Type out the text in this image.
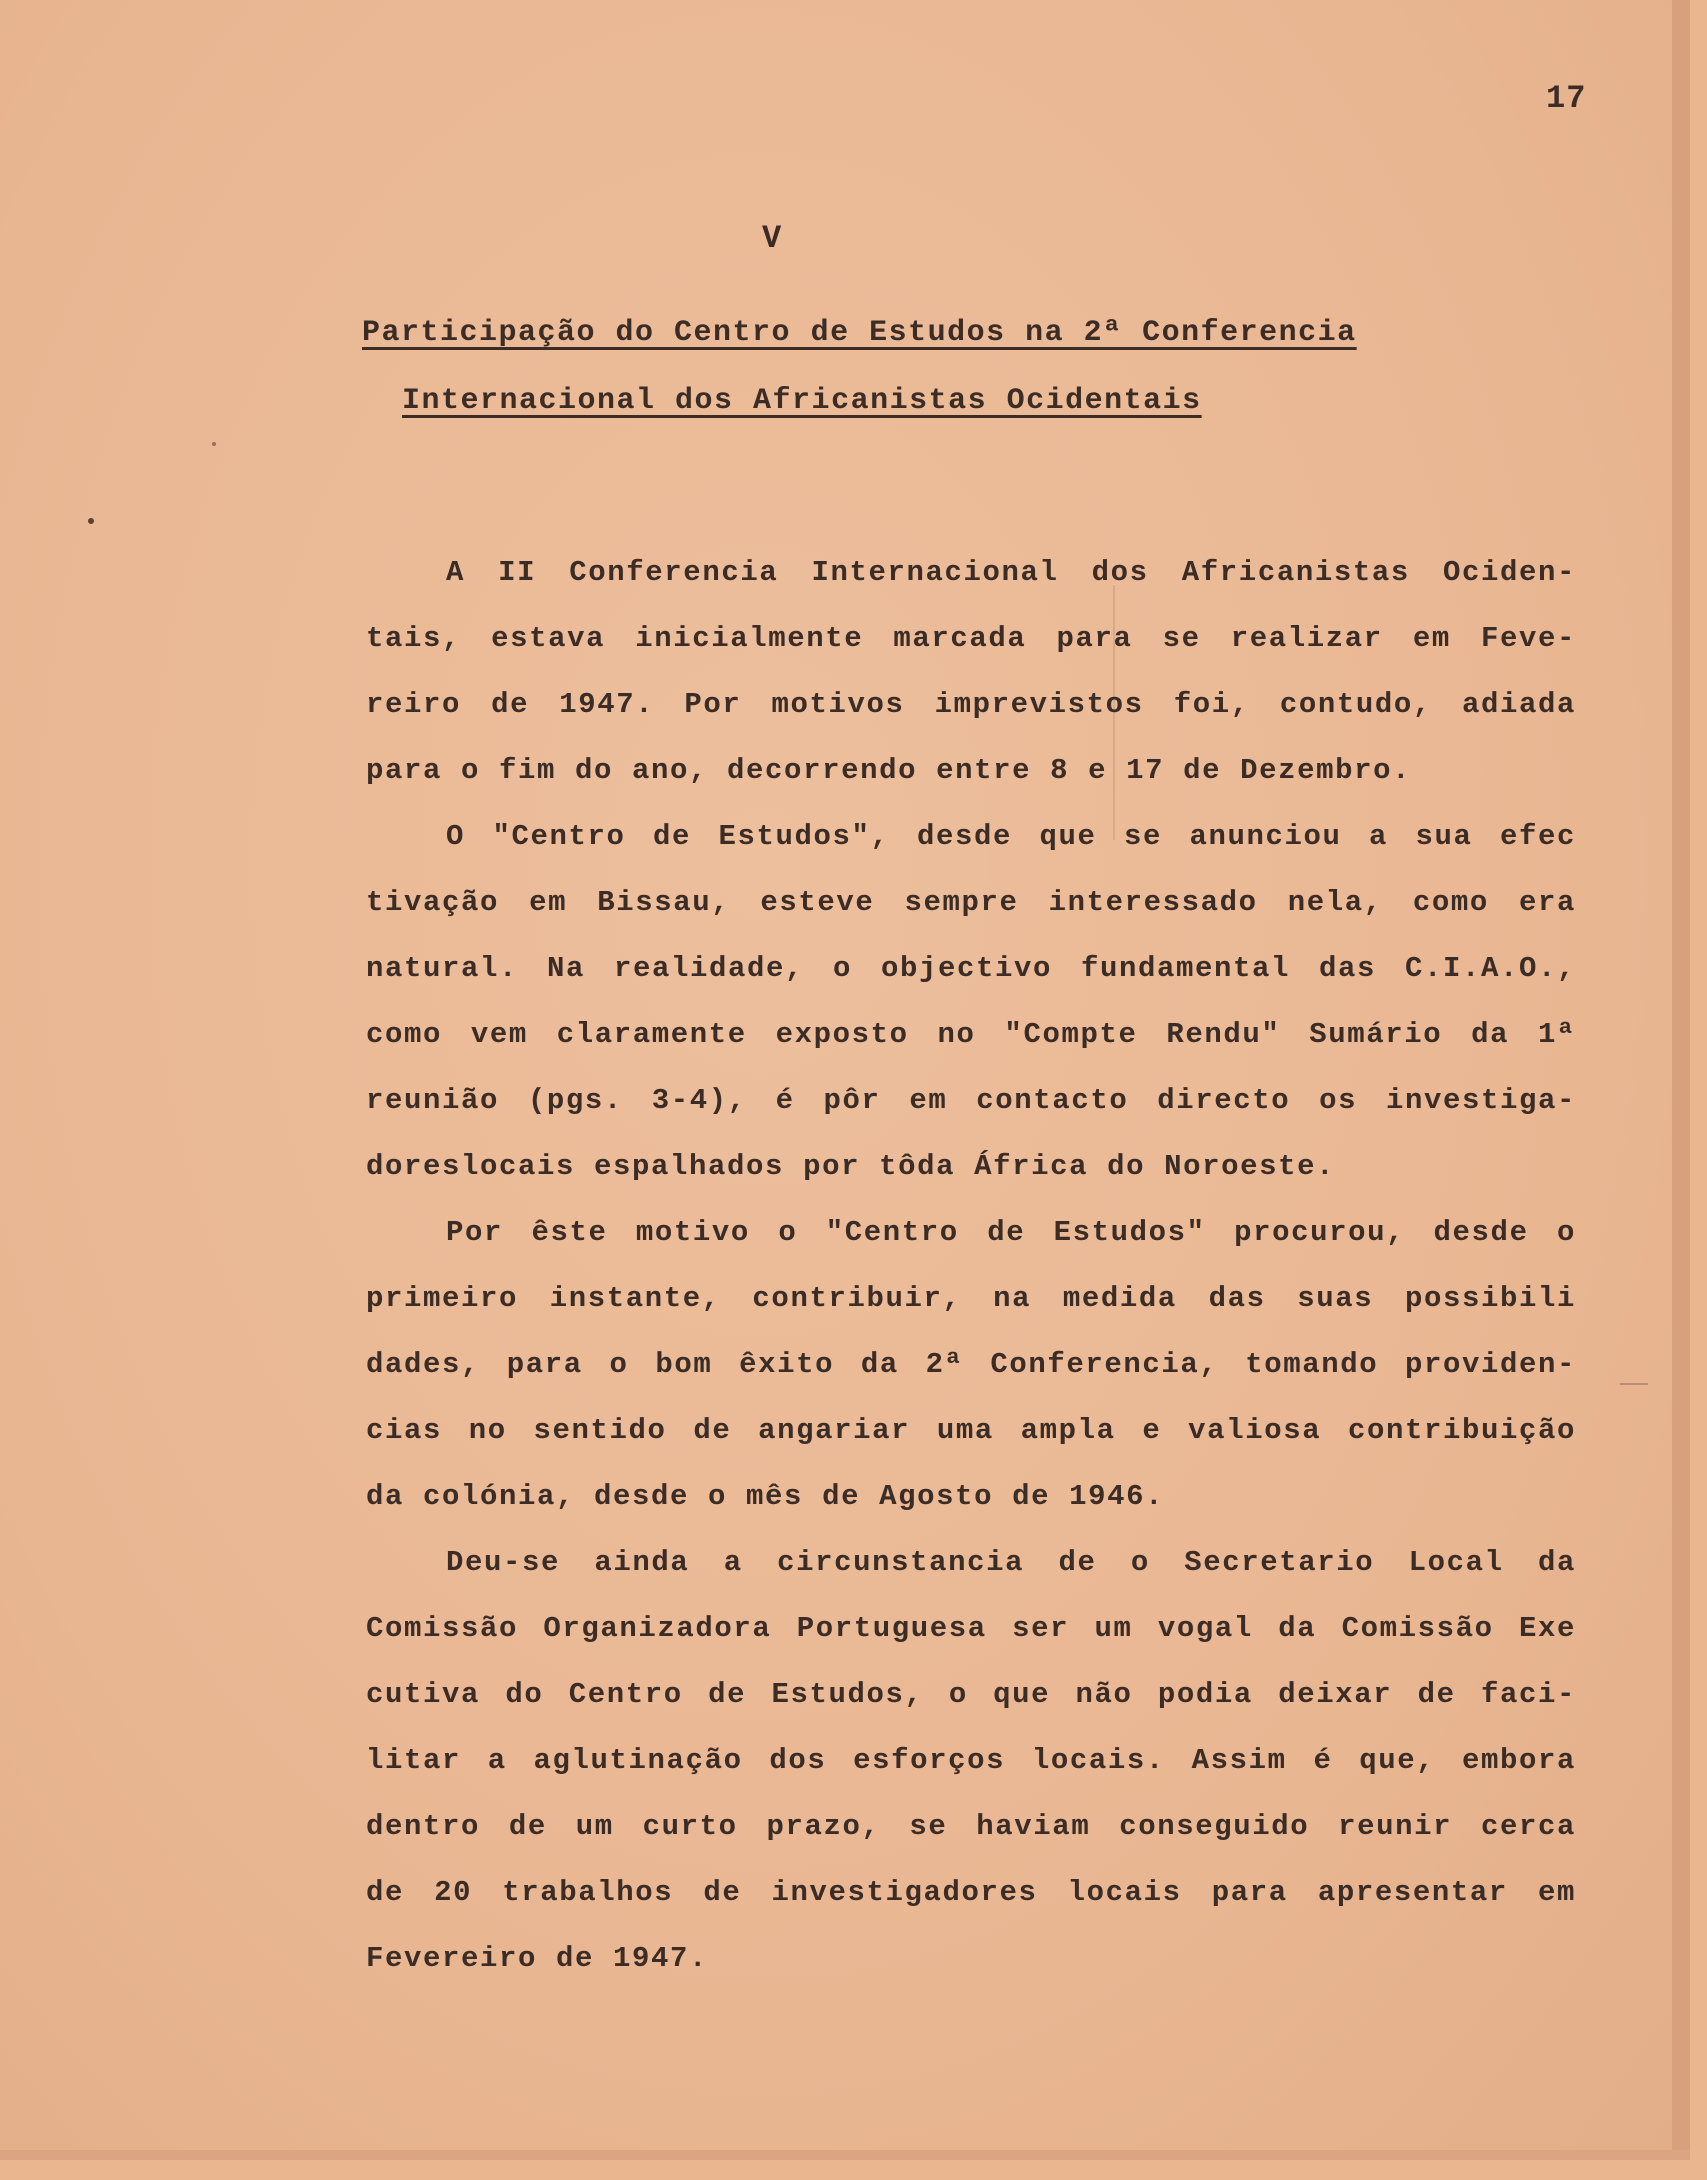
17
V
Participação do Centro de Estudos na 2ª Conferencia
Internacional dos Africanistas Ocidentais
A II Conferencia Internacional dos Africanistas Ociden-
tais, estava inicialmente marcada para se realizar em Feve-
reiro de 1947. Por motivos imprevistos foi, contudo, adiada
para o fim do ano, decorrendo entre 8 e 17 de Dezembro.
O "Centro de Estudos", desde que se anunciou a sua efec
tivação em Bissau, esteve sempre interessado nela, como era
natural. Na realidade, o objectivo fundamental das C.I.A.O.,
como vem claramente exposto no "Compte Rendu" Sumário da 1ª
reunião (pgs. 3-4), é pôr em contacto directo os investiga-
doreslocais espalhados por tôda África do Noroeste.
Por êste motivo o "Centro de Estudos" procurou, desde o
primeiro instante, contribuir, na medida das suas possibili
dades, para o bom êxito da 2ª Conferencia, tomando providen-
cias no sentido de angariar uma ampla e valiosa contribuição
da colónia, desde o mês de Agosto de 1946.
Deu-se ainda a circunstancia de o Secretario Local da
Comissão Organizadora Portuguesa ser um vogal da Comissão Exe
cutiva do Centro de Estudos, o que não podia deixar de faci-
litar a aglutinação dos esforços locais. Assim é que, embora
dentro de um curto prazo, se haviam conseguido reunir cerca
de 20 trabalhos de investigadores locais para apresentar em
Fevereiro de 1947.
